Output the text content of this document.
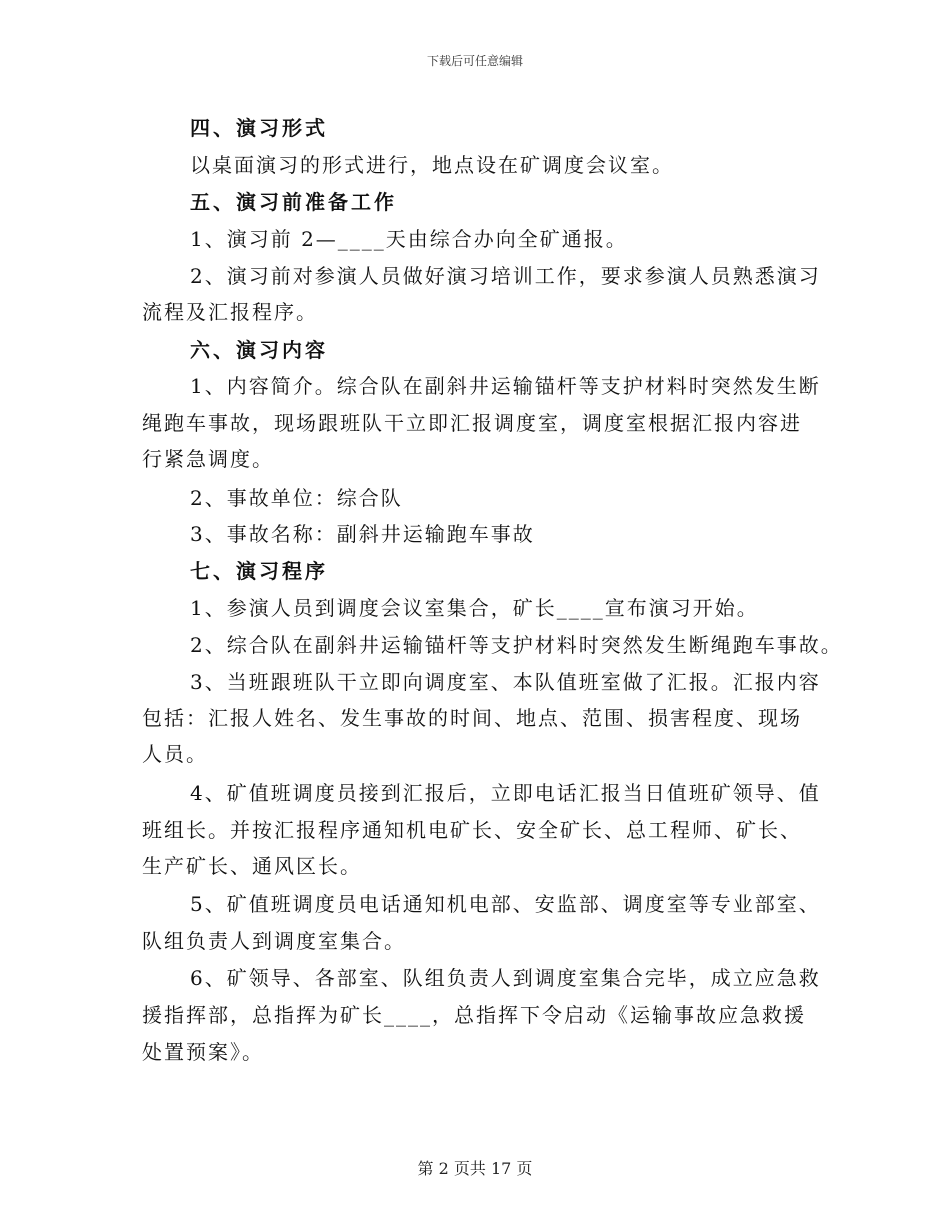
下载后可任意编辑
四、演习形式
以桌面演习的形式进行，地点设在矿调度会议室。
五、演习前准备工作
1、演习前 2—____天由综合办向全矿通报。
2、演习前对参演人员做好演习培训工作，要求参演人员熟悉演习
流程及汇报程序。
六、演习内容
1、内容简介。综合队在副斜井运输锚杆等支护材料时突然发生断
绳跑车事故，现场跟班队干立即汇报调度室，调度室根据汇报内容进
行紧急调度。
2、事故单位：综合队
3、事故名称：副斜井运输跑车事故
七、演习程序
1、参演人员到调度会议室集合，矿长____宣布演习开始。
2、综合队在副斜井运输锚杆等支护材料时突然发生断绳跑车事故。
3、当班跟班队干立即向调度室、本队值班室做了汇报。汇报内容
包括：汇报人姓名、发生事故的时间、地点、范围、损害程度、现场
人员。
4、矿值班调度员接到汇报后，立即电话汇报当日值班矿领导、值
班组长。并按汇报程序通知机电矿长、安全矿长、总工程师、矿长、
生产矿长、通风区长。
5、矿值班调度员电话通知机电部、安监部、调度室等专业部室、
队组负责人到调度室集合。
6、矿领导、各部室、队组负责人到调度室集合完毕，成立应急救
援指挥部，总指挥为矿长____，总指挥下令启动《运输事故应急救援
处置预案》。
第 2 页共 17 页
